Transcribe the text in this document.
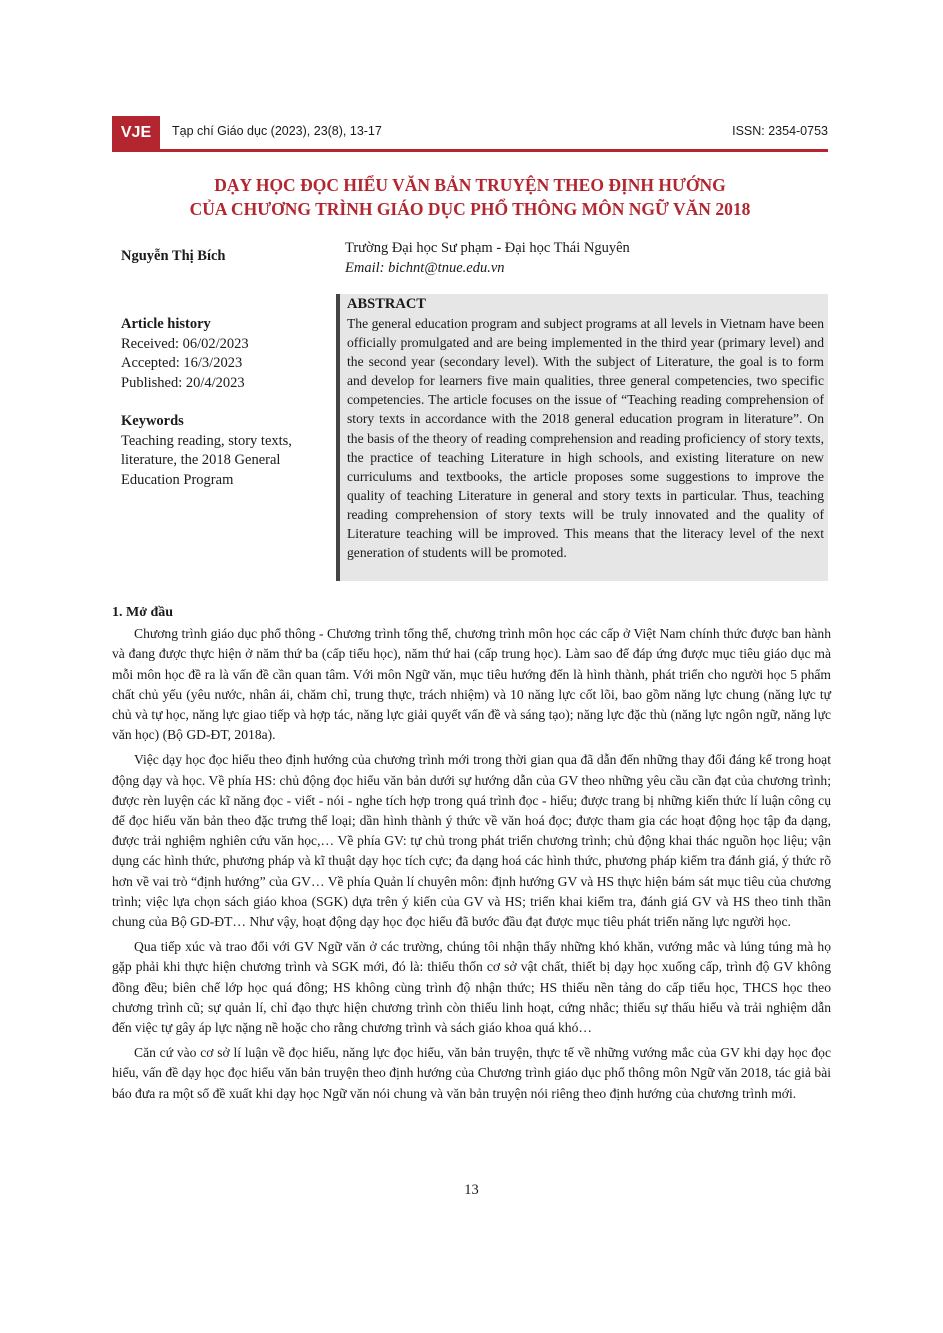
VJE	Tạp chí Giáo dục (2023), 23(8), 13-17	ISSN: 2354-0753
DẠY HỌC ĐỌC HIỂU VĂN BẢN TRUYỆN THEO ĐỊNH HƯỚNG
CỦA CHƯƠNG TRÌNH GIÁO DỤC PHỔ THÔNG MÔN NGỮ VĂN 2018
Nguyễn Thị Bích	Trường Đại học Sư phạm - Đại học Thái Nguyên
Email: bichnt@tnue.edu.vn
Article history
Received: 06/02/2023
Accepted: 16/3/2023
Published: 20/4/2023
Keywords
Teaching reading, story texts, literature, the 2018 General Education Program
ABSTRACT
The general education program and subject programs at all levels in Vietnam have been officially promulgated and are being implemented in the third year (primary level) and the second year (secondary level). With the subject of Literature, the goal is to form and develop for learners five main qualities, three general competencies, two specific competencies. The article focuses on the issue of “Teaching reading comprehension of story texts in accordance with the 2018 general education program in literature”. On the basis of the theory of reading comprehension and reading proficiency of story texts, the practice of teaching Literature in high schools, and existing literature on new curriculums and textbooks, the article proposes some suggestions to improve the quality of teaching Literature in general and story texts in particular. Thus, teaching reading comprehension of story texts will be truly innovated and the quality of Literature teaching will be improved. This means that the literacy level of the next generation of students will be promoted.
1. Mở đầu

Chương trình giáo dục phổ thông - Chương trình tổng thể, chương trình môn học các cấp ở Việt Nam chính thức được ban hành và đang được thực hiện ở năm thứ ba (cấp tiểu học), năm thứ hai (cấp trung học). Làm sao để đáp ứng được mục tiêu giáo dục mà mỗi môn học đề ra là vấn đề cần quan tâm. Với môn Ngữ văn, mục tiêu hướng đến là hình thành, phát triển cho người học 5 phẩm chất chủ yếu (yêu nước, nhân ái, chăm chỉ, trung thực, trách nhiệm) và 10 năng lực cốt lõi, bao gồm năng lực chung (năng lực tự chủ và tự học, năng lực giao tiếp và hợp tác, năng lực giải quyết vấn đề và sáng tạo); năng lực đặc thù (năng lực ngôn ngữ, năng lực văn học) (Bộ GD-ĐT, 2018a).

Việc dạy học đọc hiểu theo định hướng của chương trình mới trong thời gian qua đã dẫn đến những thay đổi đáng kể trong hoạt động dạy và học. Về phía HS: chủ động đọc hiểu văn bản dưới sự hướng dẫn của GV theo những yêu cầu cần đạt của chương trình; được rèn luyện các kĩ năng đọc - viết - nói - nghe tích hợp trong quá trình đọc - hiểu; được trang bị những kiến thức lí luận công cụ để đọc hiểu văn bản theo đặc trưng thể loại; dần hình thành ý thức về văn hoá đọc; được tham gia các hoạt động học tập đa dạng, được trải nghiệm nghiên cứu văn học,… Về phía GV: tự chủ trong phát triển chương trình; chủ động khai thác nguồn học liệu; vận dụng các hình thức, phương pháp và kĩ thuật dạy học tích cực; đa dạng hoá các hình thức, phương pháp kiểm tra đánh giá, ý thức rõ hơn về vai trò “định hướng” của GV… Về phía Quản lí chuyên môn: định hướng GV và HS thực hiện bám sát mục tiêu của chương trình; việc lựa chọn sách giáo khoa (SGK) dựa trên ý kiến của GV và HS; triển khai kiểm tra, đánh giá GV và HS theo tinh thần chung của Bộ GD-ĐT… Như vậy, hoạt động dạy học đọc hiểu đã bước đầu đạt được mục tiêu phát triển năng lực người học.

Qua tiếp xúc và trao đổi với GV Ngữ văn ở các trường, chúng tôi nhận thấy những khó khăn, vướng mắc và lúng túng mà họ gặp phải khi thực hiện chương trình và SGK mới, đó là: thiếu thốn cơ sở vật chất, thiết bị dạy học xuống cấp, trình độ GV không đồng đều; biên chế lớp học quá đông; HS không cùng trình độ nhận thức; HS thiếu nền tảng do cấp tiểu học, THCS học theo chương trình cũ; sự quản lí, chỉ đạo thực hiện chương trình còn thiếu linh hoạt, cứng nhắc; thiếu sự thấu hiểu và trải nghiệm dẫn đến việc tự gây áp lực nặng nề hoặc cho rằng chương trình và sách giáo khoa quá khó…

Căn cứ vào cơ sở lí luận về đọc hiểu, năng lực đọc hiểu, văn bản truyện, thực tế về những vướng mắc của GV khi dạy học đọc hiểu, vấn đề dạy học đọc hiểu văn bản truyện theo định hướng của Chương trình giáo dục phổ thông môn Ngữ văn 2018, tác giả bài báo đưa ra một số đề xuất khi dạy học Ngữ văn nói chung và văn bản truyện nói riêng theo định hướng của chương trình mới.

13
